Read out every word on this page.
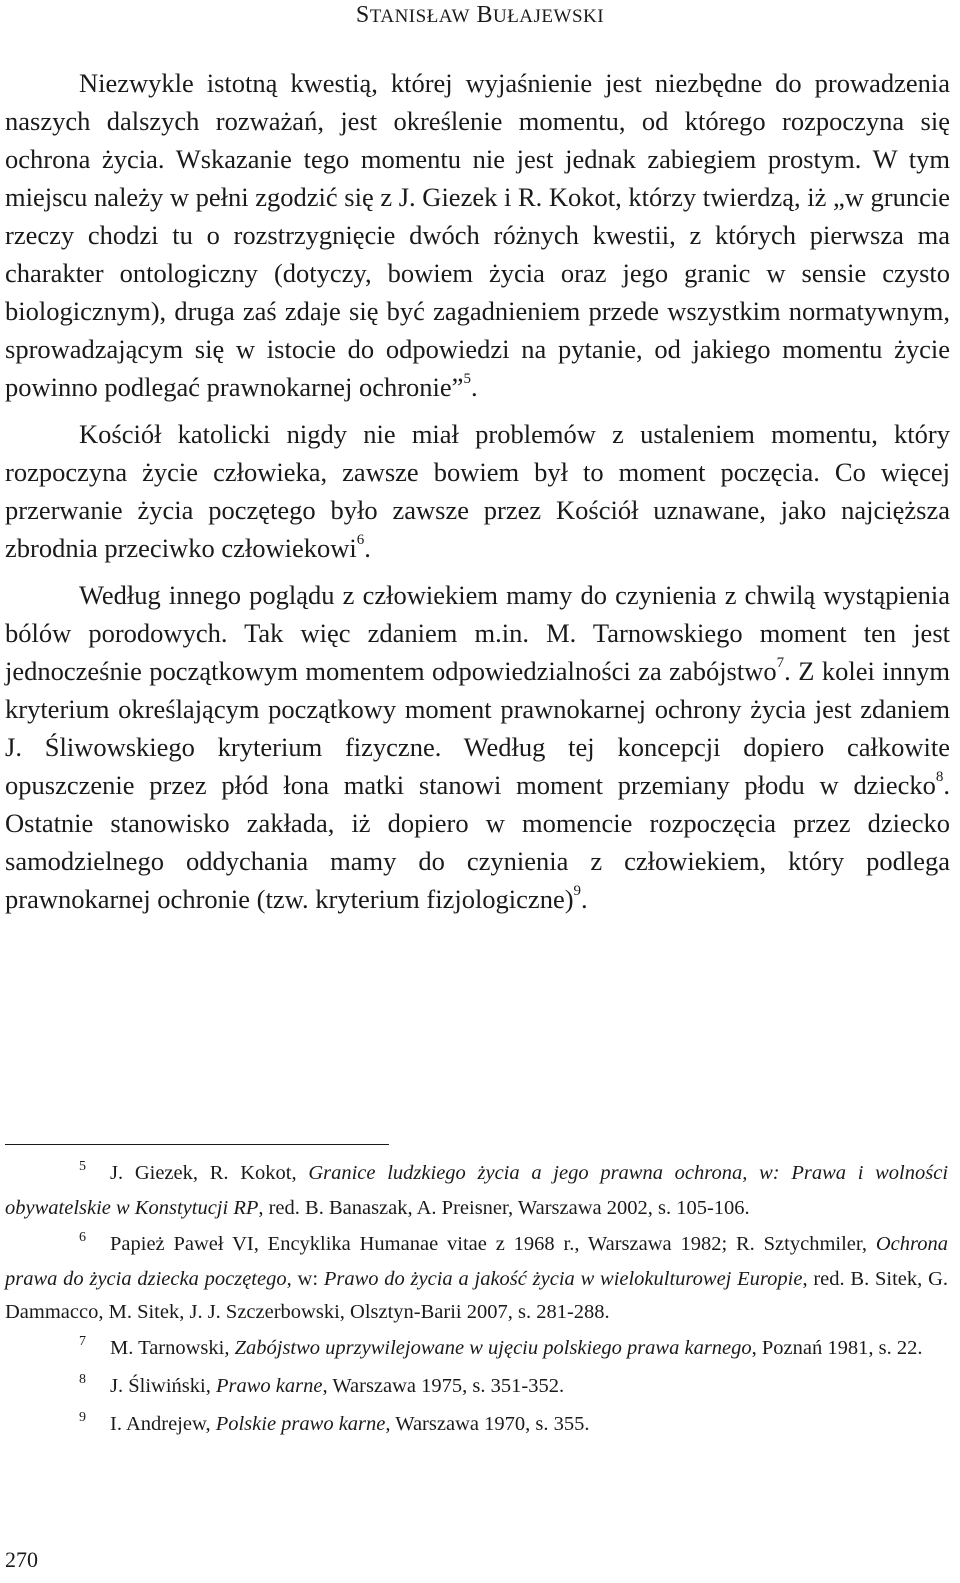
STANISŁAW BUŁAJEWSKI

Niezwykle istotną kwestią, której wyjaśnienie jest niezbędne do prowadzenia naszych dalszych rozważań, jest określenie momentu, od którego rozpoczyna się ochrona życia. Wskazanie tego momentu nie jest jednak zabiegiem prostym. W tym miejscu należy w pełni zgodzić się z J. Giezek i R. Kokot, którzy twierdzą, iż „w gruncie rzeczy chodzi tu o rozstrzygnięcie dwóch różnych kwestii, z których pierwsza ma charakter ontologiczny (dotyczy, bowiem życia oraz jego granic w sensie czysto biologicznym), druga zaś zdaje się być zagadnieniem przede wszystkim normatywnym, sprowadzającym się w istocie do odpowiedzi na pytanie, od jakiego momentu życie powinno podlegać prawnokarnej ochronie”$^5$.

Kościół katolicki nigdy nie miał problemów z ustaleniem momentu, który rozpoczyna życie człowieka, zawsze bowiem był to moment poczęcia. Co więcej przerwanie życia poczętego było zawsze przez Kościół uznawane, jako najcięższa zbrodnia przeciwko człowiekowi$^6$.

Według innego poglądu z człowiekiem mamy do czynienia z chwilą wystąpienia bólów porodowych. Tak więc zdaniem m.in. M. Tarnowskiego moment ten jest jednocześnie początkowym momentem odpowiedzialności za zabójstwo$^7$. Z kolei innym kryterium określającym początkowy moment prawnokarnej ochrony życia jest zdaniem J. Śliwowskiego kryterium fizyczne. Według tej koncepcji dopiero całkowite opuszczenie przez płód łona matki stanowi moment przemiany płodu w dziecko$^8$. Ostatnie stanowisko zakłada, iż dopiero w momencie rozpoczęcia przez dziecko samodzielnego oddychania mamy do czynienia z człowiekiem, który podlega prawnokarnej ochronie (tzw. kryterium fizjologiczne)$^9$.

$^5$ J. Giezek, R. Kokot, Granice ludzkiego życia a jego prawna ochrona, w: Prawa i wolności obywatelskie w Konstytucji RP, red. B. Banaszak, A. Preisner, Warszawa 2002, s. 105-106.
$^6$ Papież Paweł VI, Encyklika Humanae vitae z 1968 r., Warszawa 1982; R. Sztychmiler, Ochrona prawa do życia dziecka poczętego, w: Prawo do życia a jakość życia w wielokulturowej Europie, red. B. Sitek, G. Dammacco, M. Sitek, J. J. Szczerbowski, Olsztyn-Barii 2007, s. 281-288.
$^7$ M. Tarnowski, Zabójstwo uprzywilejowane w ujęciu polskiego prawa karnego, Poznań 1981, s. 22.
$^8$ J. Śliwiński, Prawo karne, Warszawa 1975, s. 351-352.
$^9$ I. Andrejew, Polskie prawo karne, Warszawa 1970, s. 355.
270
